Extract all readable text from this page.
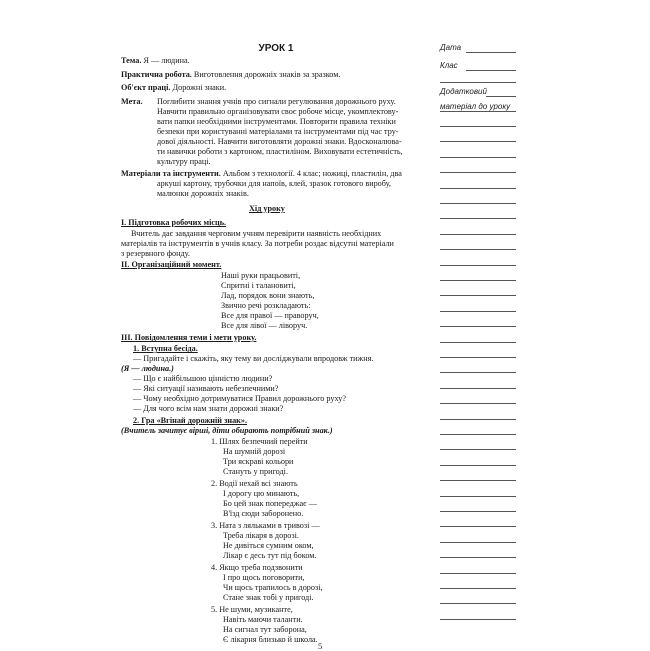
УРОК 1
Тема. Я — людина.
Практична робота. Виготовлення дорожніх знаків за зразком.
Об'єкт праці. Дорожні знаки.
Мета. Поглибити знання учнів про сигнали регулювання дорожнього руху.
Навчити правильно організовувати своє робоче місце, укомплектову-
вати папки необхідними інструментами. Повторити правила техніки
безпеки при користуванні матеріалами та інструментами під час тру-
дової діяльності. Навчити виготовляти дорожні знаки. Вдосконалюва-
ти навички роботи з картоном, пластиліном. Виховувати естетичність,
культуру праці.
Матеріали та інструменти. Альбом з технології. 4 клас; ножиці, пластилін, два
аркуші картону, трубочки для напоїв, клей, зразок готового виробу,
малюнки дорожніх знаків.
Хід уроку
I. Підготовка робочих місць.
Вчитель дає завдання черговим учням перевірити наявність необхідних
матеріалів та інструментів в учнів класу. За потреби роздає відсутні матеріали
з резервного фонду.
II. Організаційний момент.
Наші руки працьовиті,
Спритні і талановиті,
Лад, порядок вони знають,
Звично речі розкладають:
Все для правої — праворуч,
Все для лівої — ліворуч.
III. Повідомлення теми і мети уроку.
1. Вступна бесіда.
— Пригадайте і скажіть, яку тему ви досліджували впродовж тижня.
(Я — людина.)
— Що є найбільшою цінністю людини?
— Які ситуації називають небезпечними?
— Чому необхідно дотримуватися Правил дорожнього руху?
— Для чого всім нам знати дорожні знаки?
2. Гра «Вгінай дорожній знак».
(Вчитель зачитує вірші, діти обирають потрібний знак.)
1. Шлях безпечний перейти
На шумній дорозі
Три яскраві кольори
Стануть у пригоді.
2. Водії нехай всі знають
І дорогу цю минають,
Бо цей знак попереджає —
В'їзд сюди заборонено.
3. Ната з ляльками в тривозі —
Треба лікаря в дорозі.
Не дивіться сумним оком,
Лікар є десь тут під боком.
4. Якщо треба подзвонити
І про щось поговорити,
Чи щось трапилось в дорозі,
Стане знак тобі у пригоді.
5. Не шуми, музиканте,
Навіть маючи таланти.
На сигнал тут заборона,
Є лікарня близько й школа.
5
Дата
Клас
Додатковий
матеріал до уроку
